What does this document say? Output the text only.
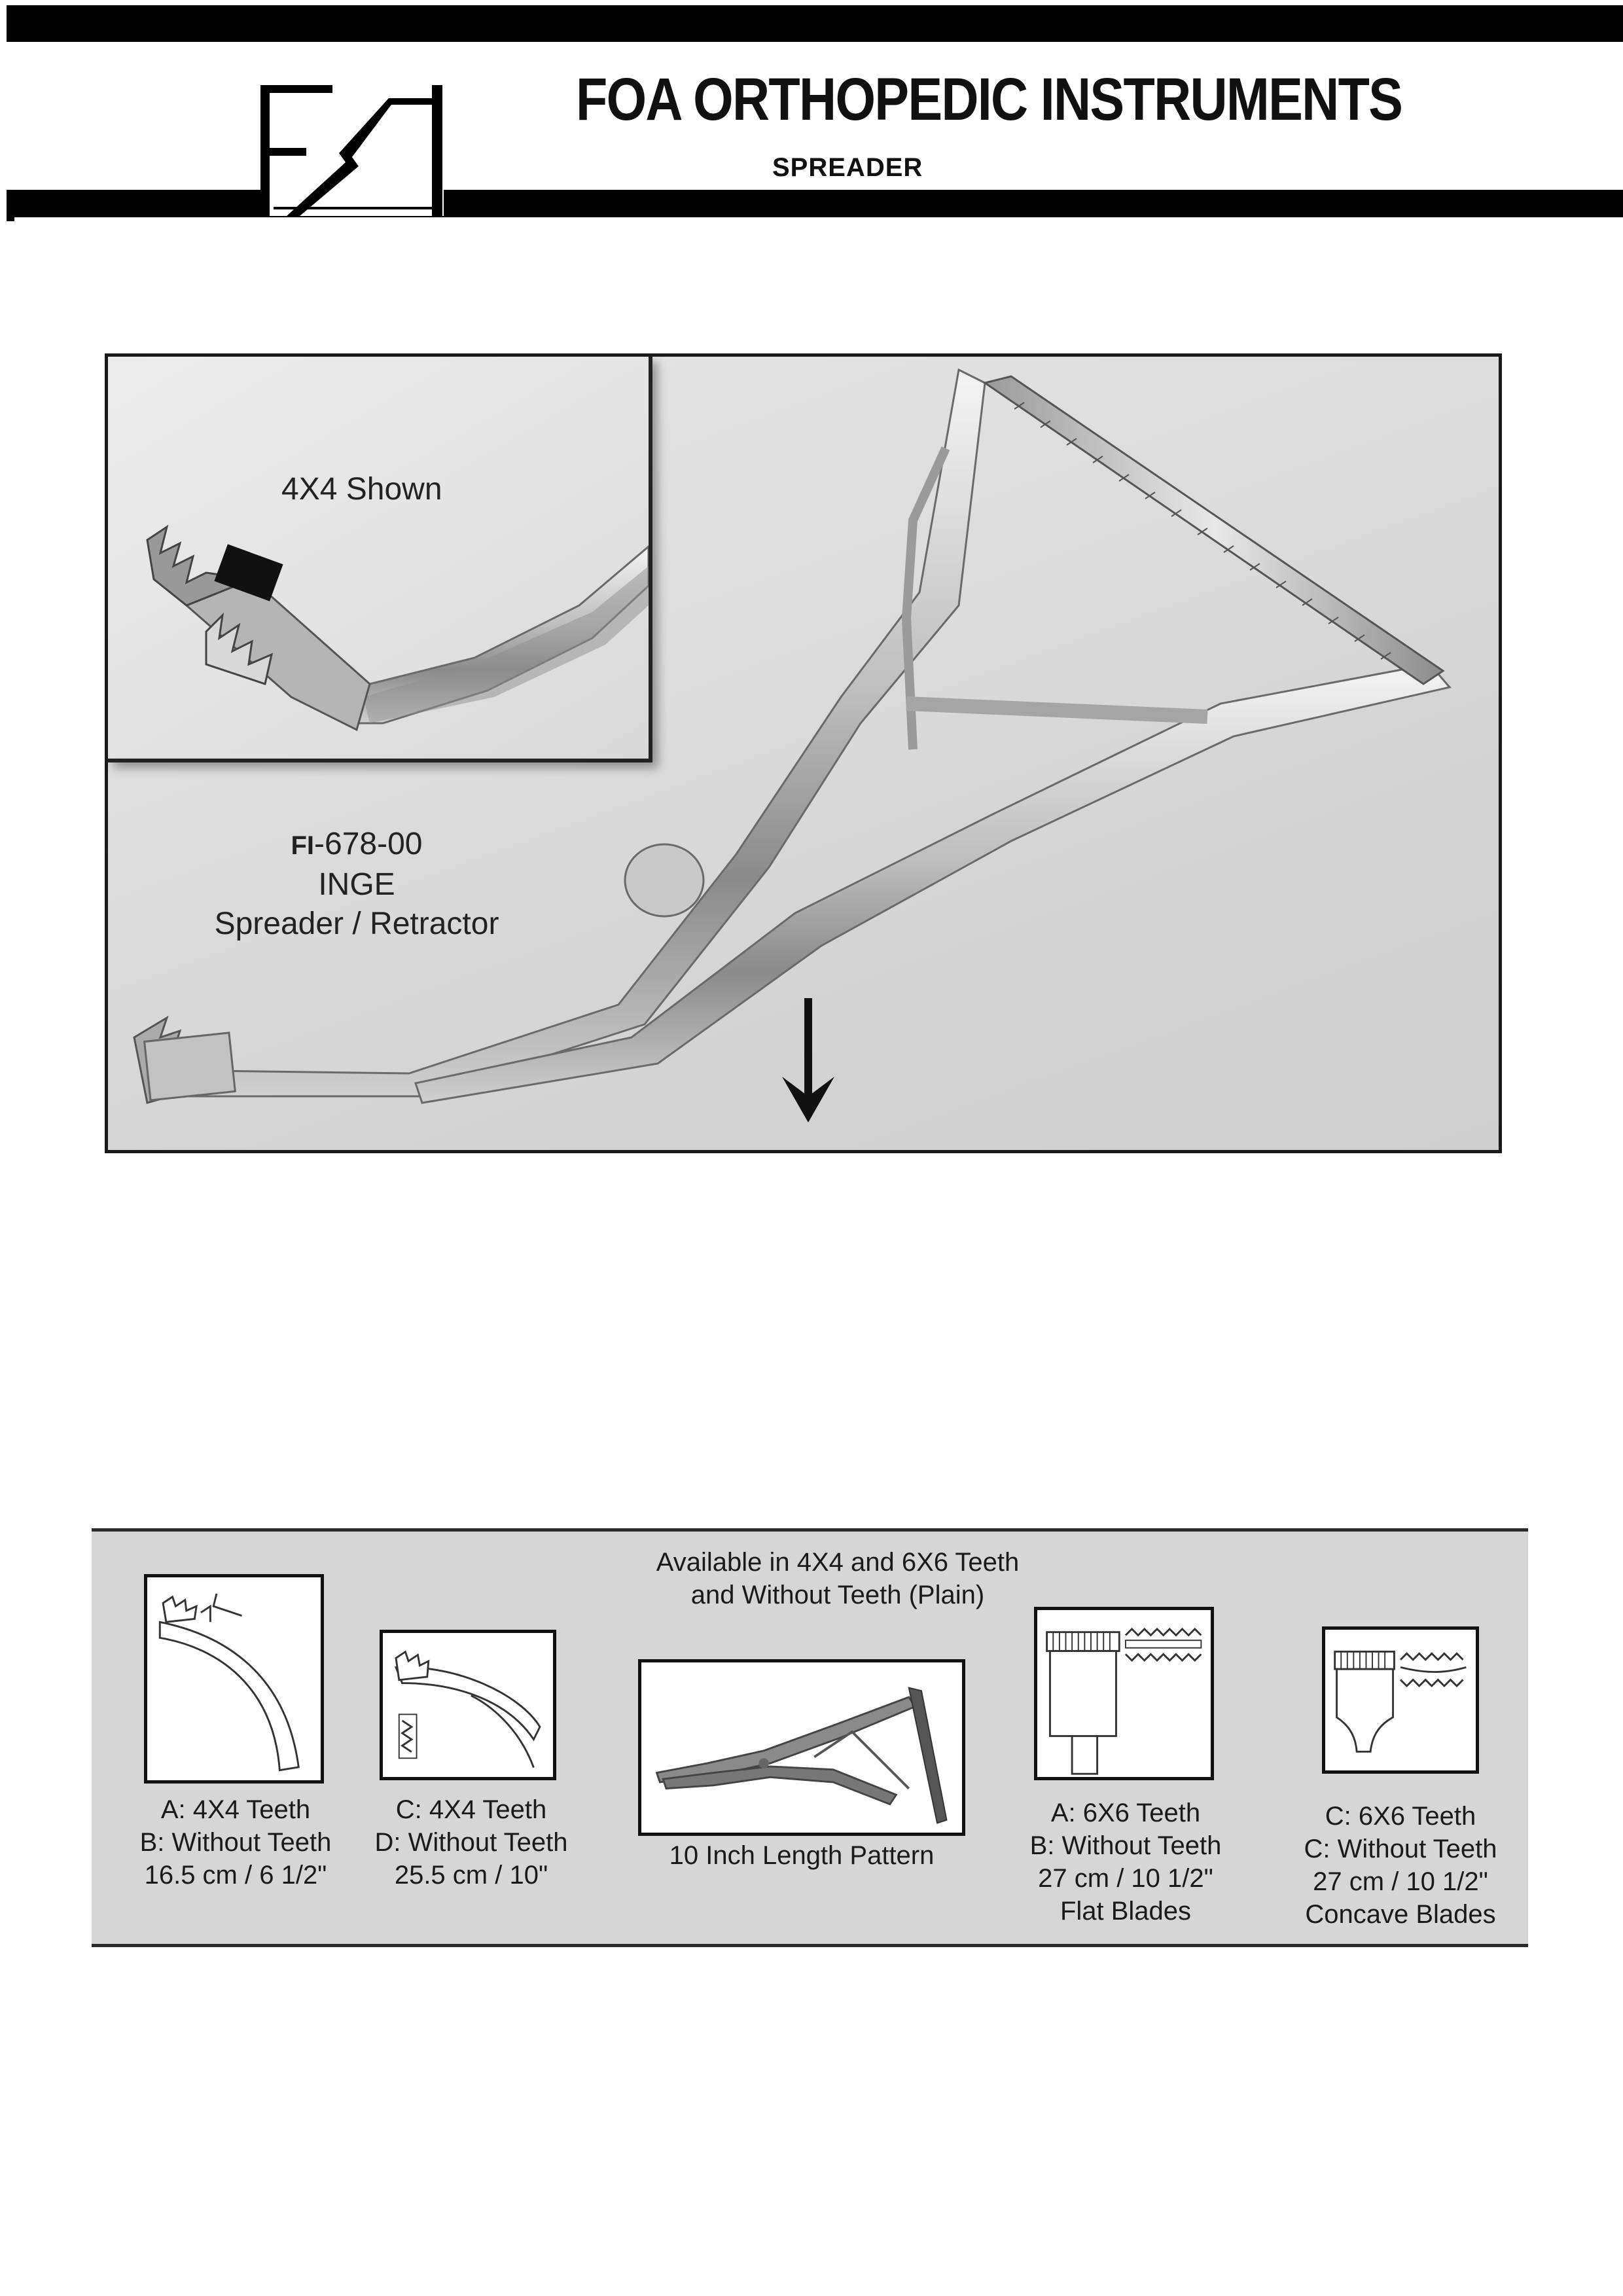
FOA ORTHOPEDIC INSTRUMENTS
SPREADER
4X4 Shown
FI-678-00
INGE
Spreader / Retractor
Available in 4X4 and 6X6 Teeth
and Without Teeth (Plain)
A: 4X4 Teeth
B: Without Teeth
16.5 cm / 6 1/2"
C: 4X4 Teeth
D: Without Teeth
25.5 cm / 10"
10 Inch Length Pattern
A: 6X6 Teeth
B: Without Teeth
27 cm / 10 1/2"
Flat Blades
C: 6X6 Teeth
C: Without Teeth
27 cm / 10 1/2"
Concave Blades
